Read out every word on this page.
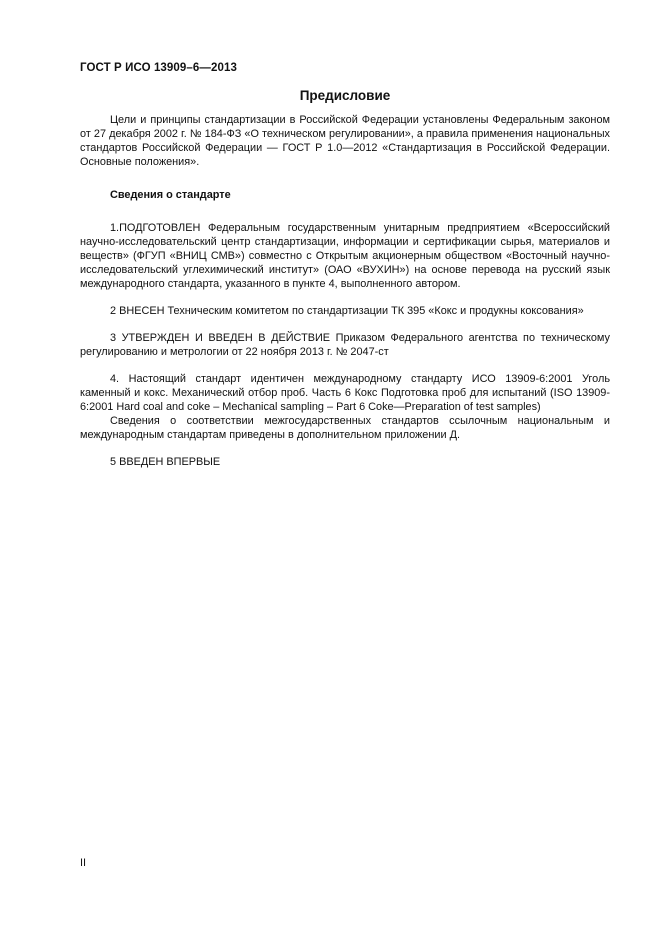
ГОСТ Р ИСО 13909–6—2013
Предисловие

Цели и принципы стандартизации в Российской Федерации установлены Федеральным законом от 27 декабря 2002 г. № 184-ФЗ «О техническом регулировании», а правила применения национальных стандартов Российской Федерации — ГОСТ Р 1.0—2012 «Стандартизация в Российской Федерации. Основные положения».

Сведения о стандарте

1.ПОДГОТОВЛЕН Федеральным государственным унитарным предприятием «Всероссийский научно-исследовательский центр стандартизации, информации и сертификации сырья, материалов и веществ» (ФГУП «ВНИЦ СМВ») совместно с Открытым акционерным обществом «Восточный научно-исследовательский углехимический институт» (ОАО «ВУХИН») на основе перевода на русский язык международного стандарта, указанного в пункте 4, выполненного автором.

2 ВНЕСЕН Техническим комитетом по стандартизации ТК 395 «Кокс и продукны коксования»

3 УТВЕРЖДЕН И ВВЕДЕН В ДЕЙСТВИЕ Приказом Федерального агентства по техническому регулированию и метрологии от 22 ноября 2013 г. № 2047-ст

4. Настоящий стандарт идентичен международному стандарту ИСО 13909-6:2001 Уголь каменный и кокс. Механический отбор проб. Часть 6 Кокс Подготовка проб для испытаний (ISO 13909-6:2001 Hard coal and coke – Mechanical sampling – Part 6 Coke—Preparation of test samples)

Сведения о соответствии межгосударственных стандартов ссылочным национальным и международным стандартам приведены в дополнительном приложении Д.

5 ВВЕДЕН ВПЕРВЫЕ

II
